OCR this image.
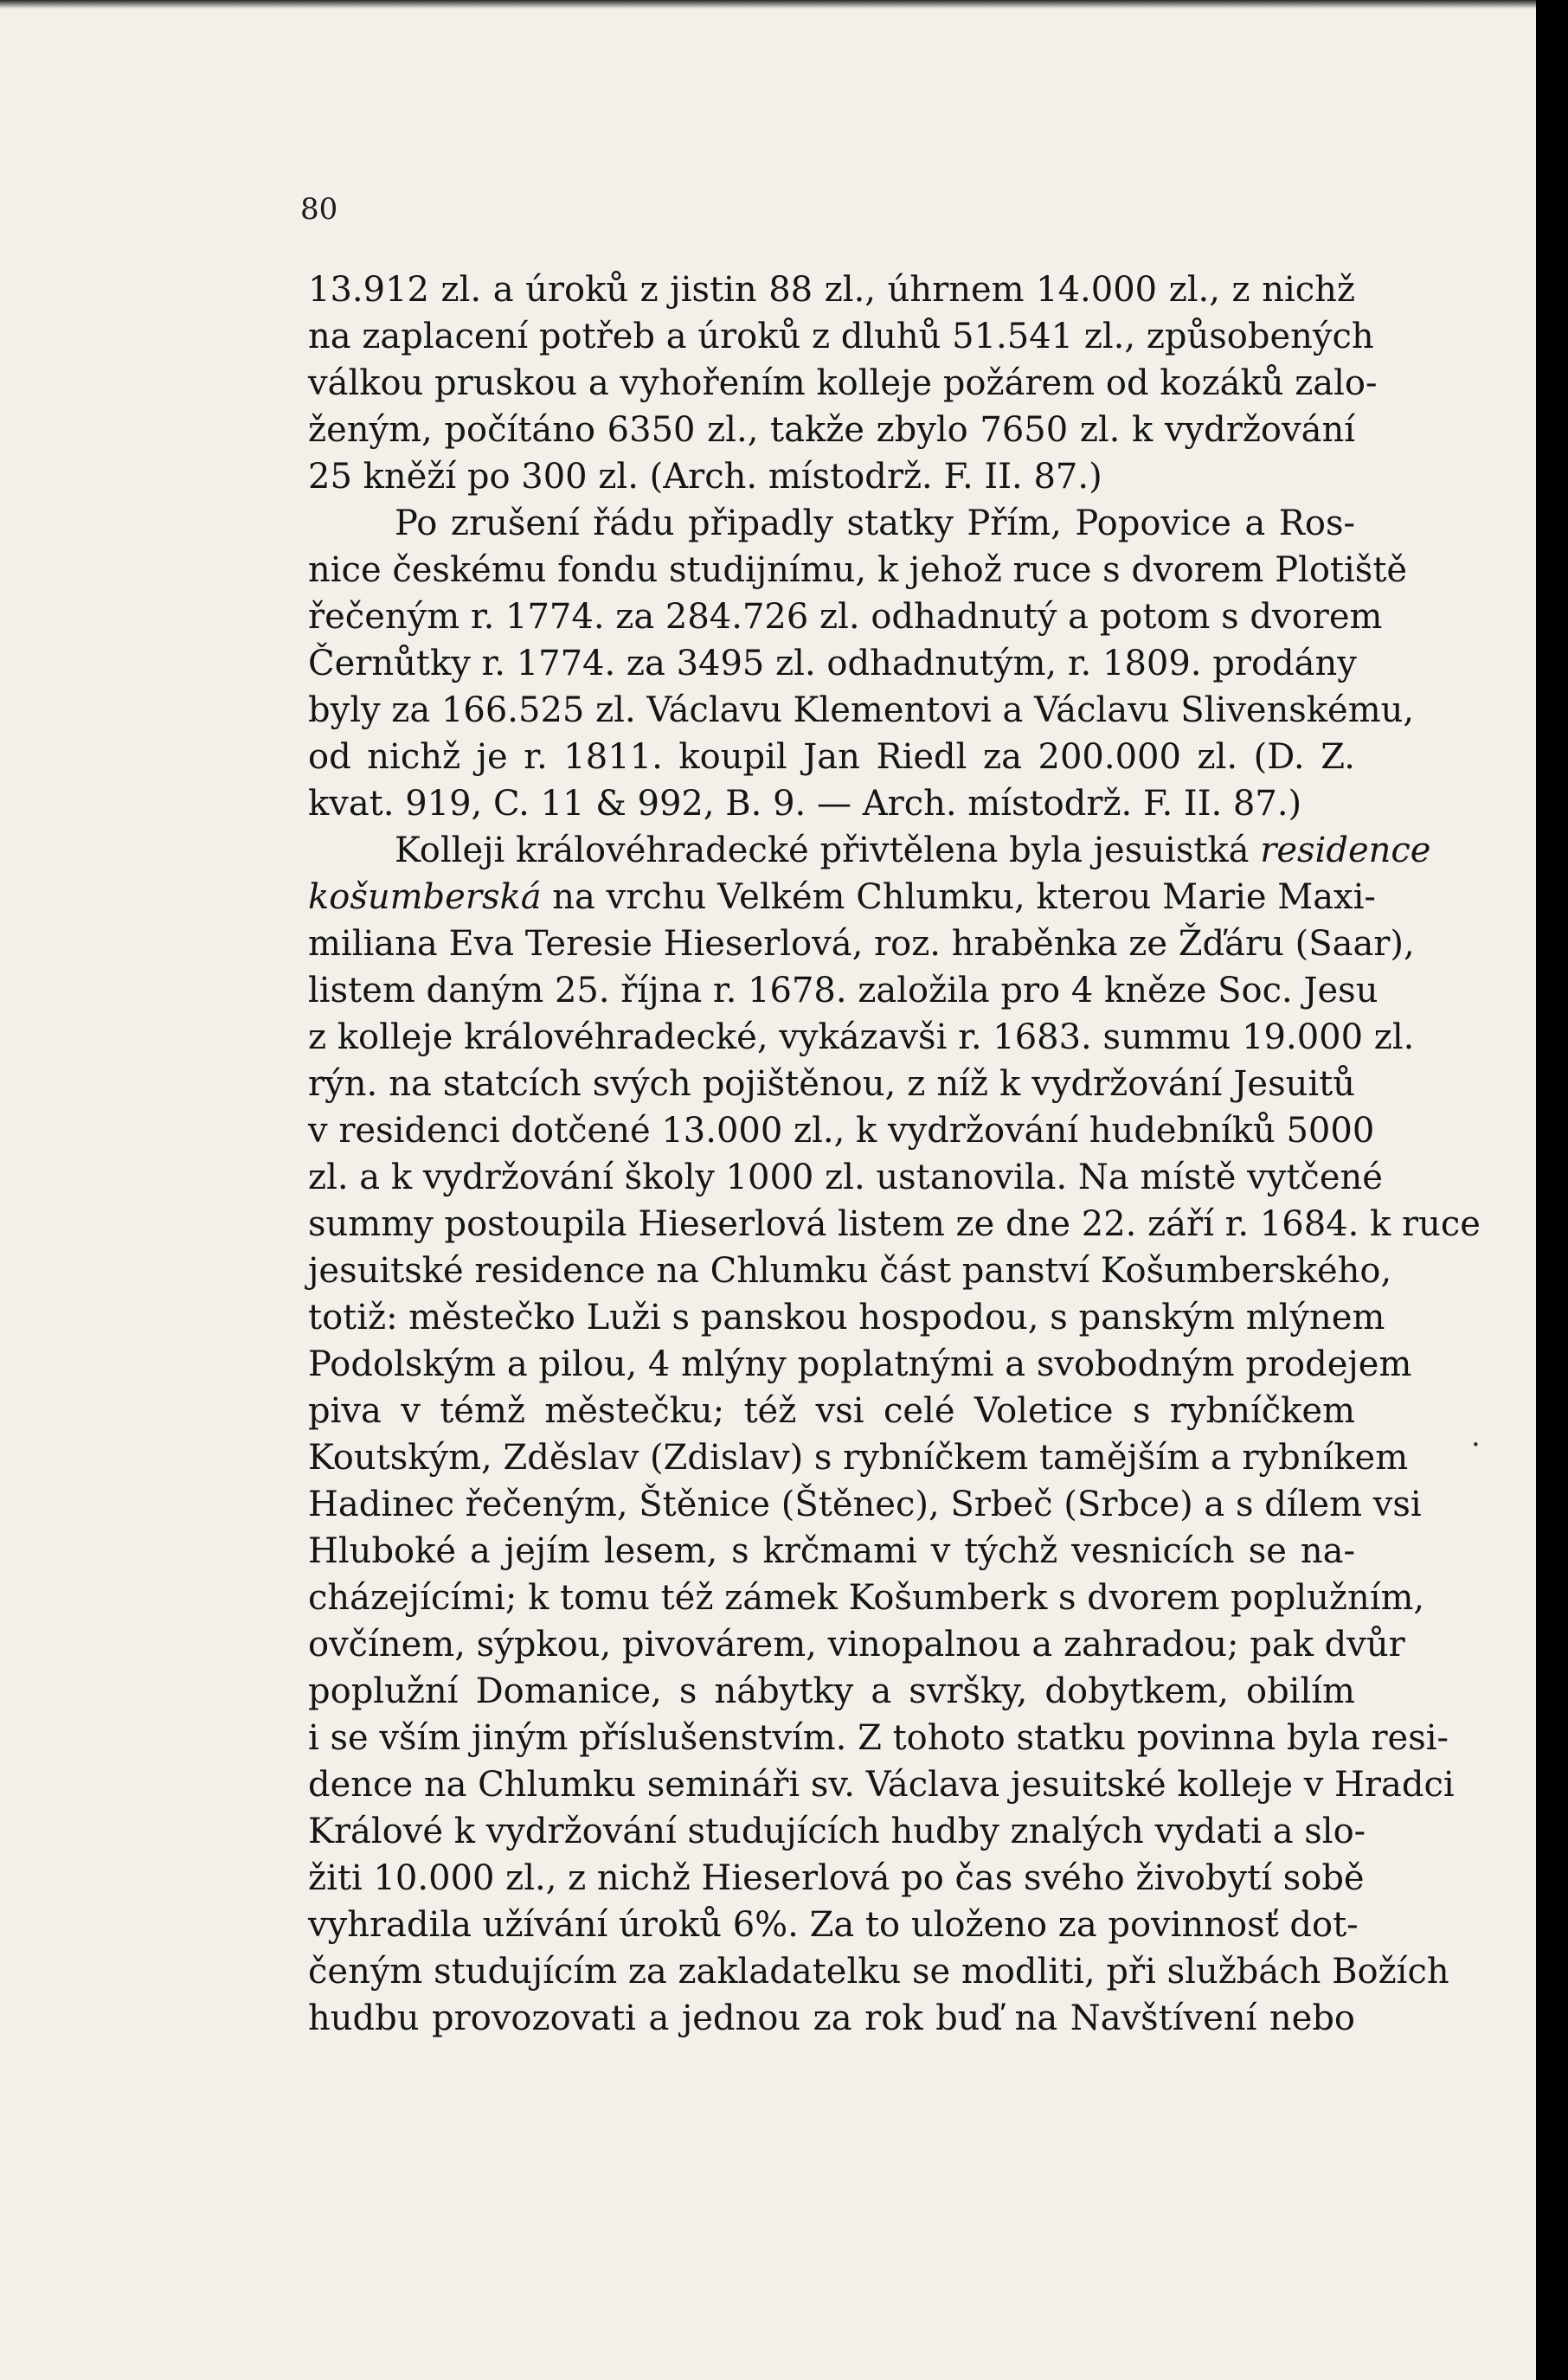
80
13.912 zl. a úroků z jistin 88 zl., úhrnem 14.000 zl., z nichž
na zaplacení potřeb a úroků z dluhů 51.541 zl., způsobených
válkou pruskou a vyhořením kolleje požárem od kozáků zalo-
ženým, počítáno 6350 zl., takže zbylo 7650 zl. k vydržování
25 kněží po 300 zl. (Arch. místodrž. F. II. 87.)
Po zrušení řádu připadly statky Přím, Popovice a Ros-
nice českému fondu studijnímu, k jehož ruce s dvorem Plotiště
řečeným r. 1774. za 284.726 zl. odhadnutý a potom s dvorem
Černůtky r. 1774. za 3495 zl. odhadnutým, r. 1809. prodány
byly za 166.525 zl. Václavu Klementovi a Václavu Slivenskému,
od nichž je r. 1811. koupil Jan Riedl za 200.000 zl. (D. Z.
kvat. 919, C. 11 & 992, B. 9. — Arch. místodrž. F. II. 87.)
Kolleji královéhradecké přivtělena byla jesuistká residence
košumberská na vrchu Velkém Chlumku, kterou Marie Maxi-
miliana Eva Teresie Hieserlová, roz. hraběnka ze Žďáru (Saar),
listem daným 25. října r. 1678. založila pro 4 kněze Soc. Jesu
z kolleje královéhradecké, vykázavši r. 1683. summu 19.000 zl.
rýn. na statcích svých pojištěnou, z níž k vydržování Jesuitů
v residenci dotčené 13.000 zl., k vydržování hudebníků 5000
zl. a k vydržování školy 1000 zl. ustanovila. Na místě vytčené
summy postoupila Hieserlová listem ze dne 22. září r. 1684. k ruce
jesuitské residence na Chlumku část panství Košumberského,
totiž: městečko Luži s panskou hospodou, s panským mlýnem
Podolským a pilou, 4 mlýny poplatnými a svobodným prodejem
piva v témž městečku; též vsi celé Voletice s rybníčkem
Koutským, Zděslav (Zdislav) s rybníčkem tamějším a rybníkem
Hadinec řečeným, Štěnice (Štěnec), Srbeč (Srbce) a s dílem vsi
Hluboké a jejím lesem, s krčmami v týchž vesnicích se na-
cházejícími; k tomu též zámek Košumberk s dvorem poplužním,
ovčínem, sýpkou, pivovárem, vinopalnou a zahradou; pak dvůr
poplužní Domanice, s nábytky a svršky, dobytkem, obilím
i se vším jiným příslušenstvím. Z tohoto statku povinna byla resi-
dence na Chlumku semináři sv. Václava jesuitské kolleje v Hradci
Králové k vydržování studujících hudby znalých vydati a slo-
žiti 10.000 zl., z nichž Hieserlová po čas svého živobytí sobě
vyhradila užívání úroků 6%. Za to uloženo za povinnosť dot-
čeným studujícím za zakladatelku se modliti, při službách Božích
hudbu provozovati a jednou za rok buď na Navštívení nebo
·
